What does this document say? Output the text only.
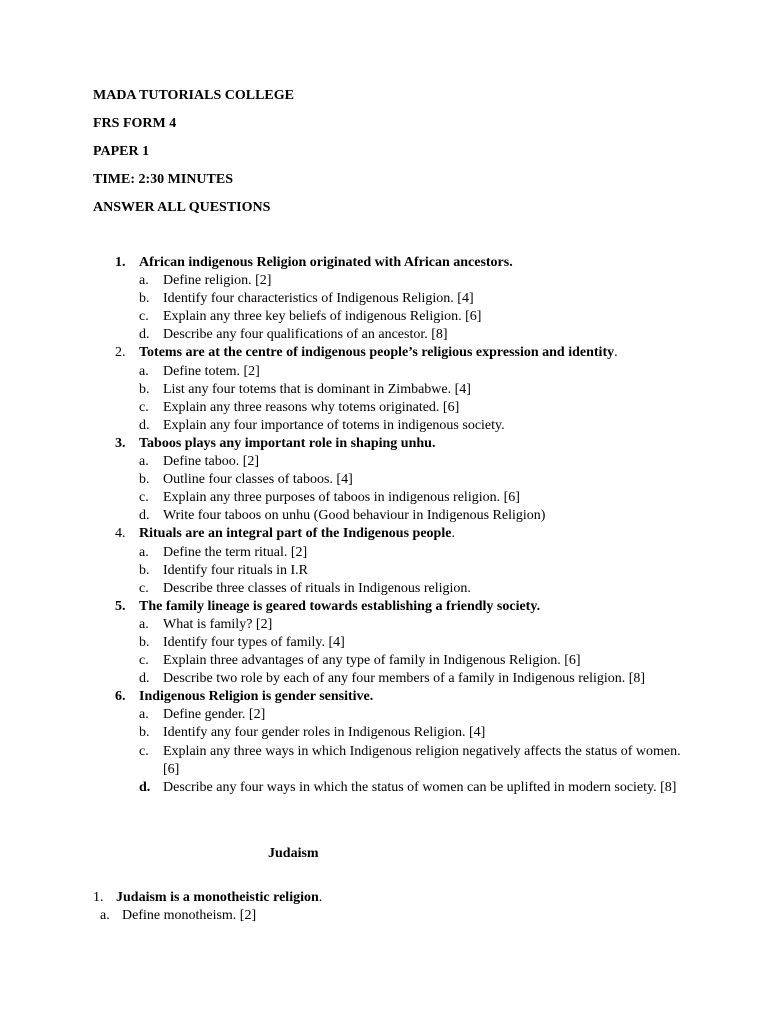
MADA TUTORIALS COLLEGE
FRS FORM 4
PAPER 1
TIME: 2:30 MINUTES
ANSWER ALL QUESTIONS
1. African indigenous Religion originated with African ancestors.
a.	Define religion. [2]
b. Identify four characteristics of Indigenous Religion. [4]
c.	Explain any three key beliefs of indigenous Religion. [6]
d. Describe any four qualifications of an ancestor. [8]
2. Totems are at the centre of indigenous people’s religious expression and identity.
a.	Define totem. [2]
b. List any four totems that is dominant in Zimbabwe. [4]
c.	Explain any three reasons why totems originated. [6]
d. Explain any four importance of totems in indigenous society.
3. Taboos plays any important role in shaping unhu.
a.	Define taboo. [2]
b. Outline four classes of taboos. [4]
c.	Explain any three purposes of taboos in indigenous religion. [6]
d. Write four taboos on unhu (Good behaviour in Indigenous Religion)
4. Rituals are an integral part of the Indigenous people.
a.	Define the term ritual. [2]
b. Identify four rituals in I.R
c.	Describe three classes of rituals in Indigenous religion.
5. The family lineage is geared towards establishing a friendly society.
a.	What is family? [2]
b. Identify four types of family. [4]
c.	Explain three advantages of any type of family in Indigenous Religion. [6]
d. Describe two role by each of any four members of a family in Indigenous religion. [8]
6. Indigenous Religion is gender sensitive.
a.	Define gender. [2]
b. Identify any four gender roles in Indigenous Religion. [4]
c.	Explain any three ways in which Indigenous religion negatively affects the status of women. [6]
d. Describe any four ways in which the status of women can be uplifted in modern society. [8]
Judaism
1. Judaism is a monotheistic religion.
a. Define monotheism. [2]
